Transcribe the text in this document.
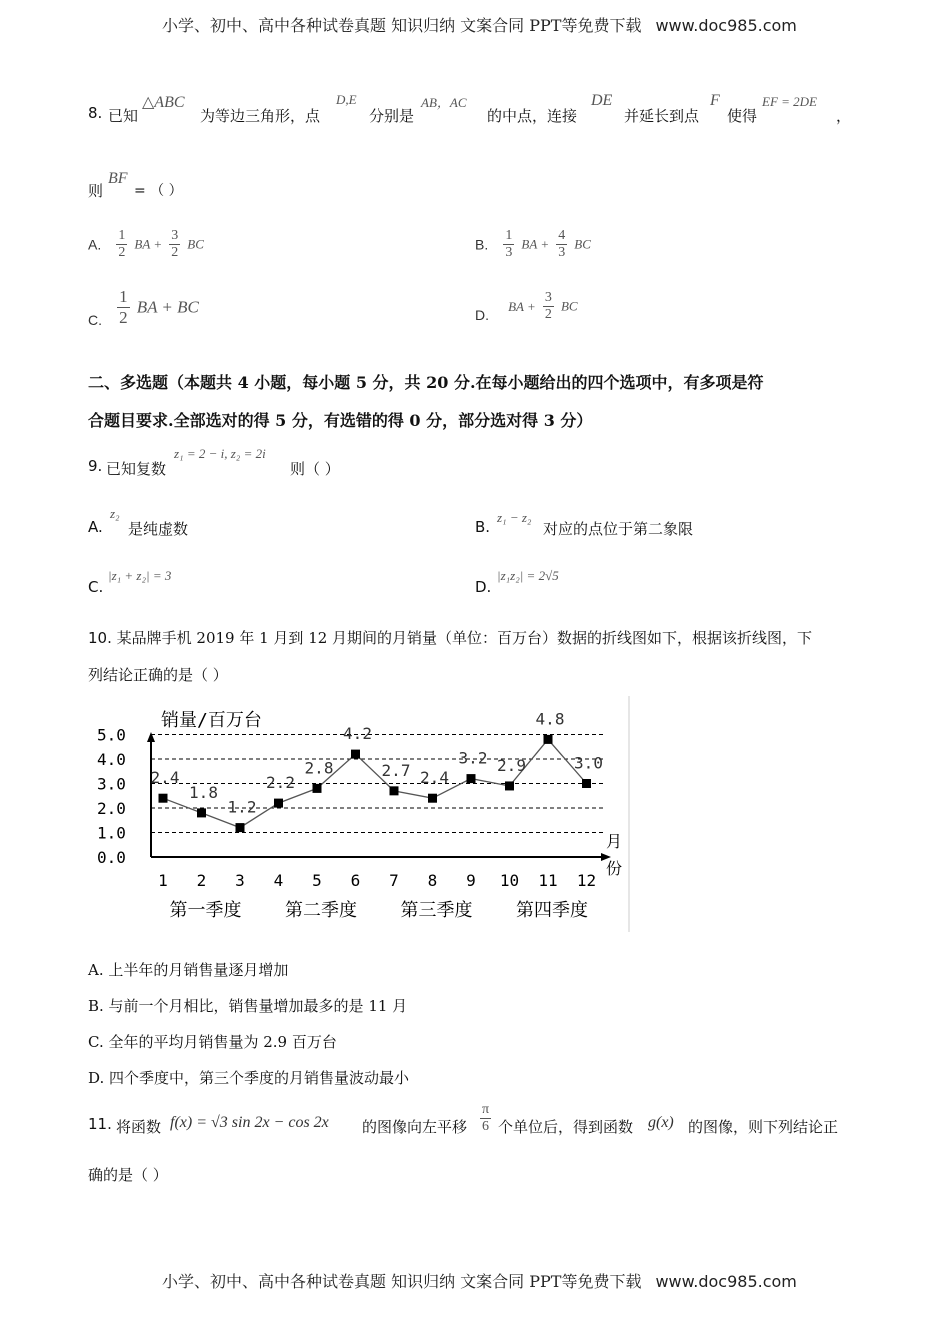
小学、初中、高中各种试卷真题 知识归纳 文案合同 PPT等免费下载 www.doc985.com
8. 已知
△ABC
为等边三角形，点
D,E
分别是
AB，AC
的中点，连接
DE
并延长到点
F
使得
EF = 2DE
，
则
BF
= （ ）
A. $\frac{1}{2}$ BA + $\frac{3}{2}$ BC	B. $\frac{1}{3}$ BA + $\frac{4}{3}$ BC
C. $\frac{1}{2}$ BA + BC	D. BA + $\frac{3}{2}$ BC
二、多选题（本题共 4 小题，每小题 5 分，共 20 分.在每小题给出的四个选项中，有多项是符
合题目要求.全部选对的得 5 分，有选错的得 0 分，部分选对得 3 分）
9. 已知复数
z₁ = 2 − i, z₂ = 2i
则（ ）
A.
z₂
是纯虚数	B.
z₁ − z₂
对应的点位于第二象限
C.
|z₁ + z₂| = 3
D.
|z₁z₂| = 2√5
10. 某品牌手机 2019 年 1 月到 12 月期间的月销量（单位：百万台）数据的折线图如下，根据该折线图，下
列结论正确的是（ ）
销量/百万台
月
份
0.0
1.0
2.0
3.0
4.0
5.0
1 2 3 4 5 6 7 8 9 10 11 12
2.4
1.8
1.2
2.2
2.8
4.2
2.7 2.4
3.2 2.9
4.8
3.0
第一季度 第二季度 第三季度 第四季度
A. 上半年的月销售量逐月增加
B. 与前一个月相比，销售量增加最多的是 11 月
C. 全年的平均月销售量为 2.9 百万台
D. 四个季度中，第三个季度的月销售量波动最小
11. 将函数 f(x) = √3 sin 2x − cos 2x 的图像向左平移 $\frac{\pi}{6}$ 个单位后，得到函数 g(x) 的图像，则下列结论正
确的是（ ）
小学、初中、高中各种试卷真题 知识归纳 文案合同 PPT等免费下载 www.doc985.com
